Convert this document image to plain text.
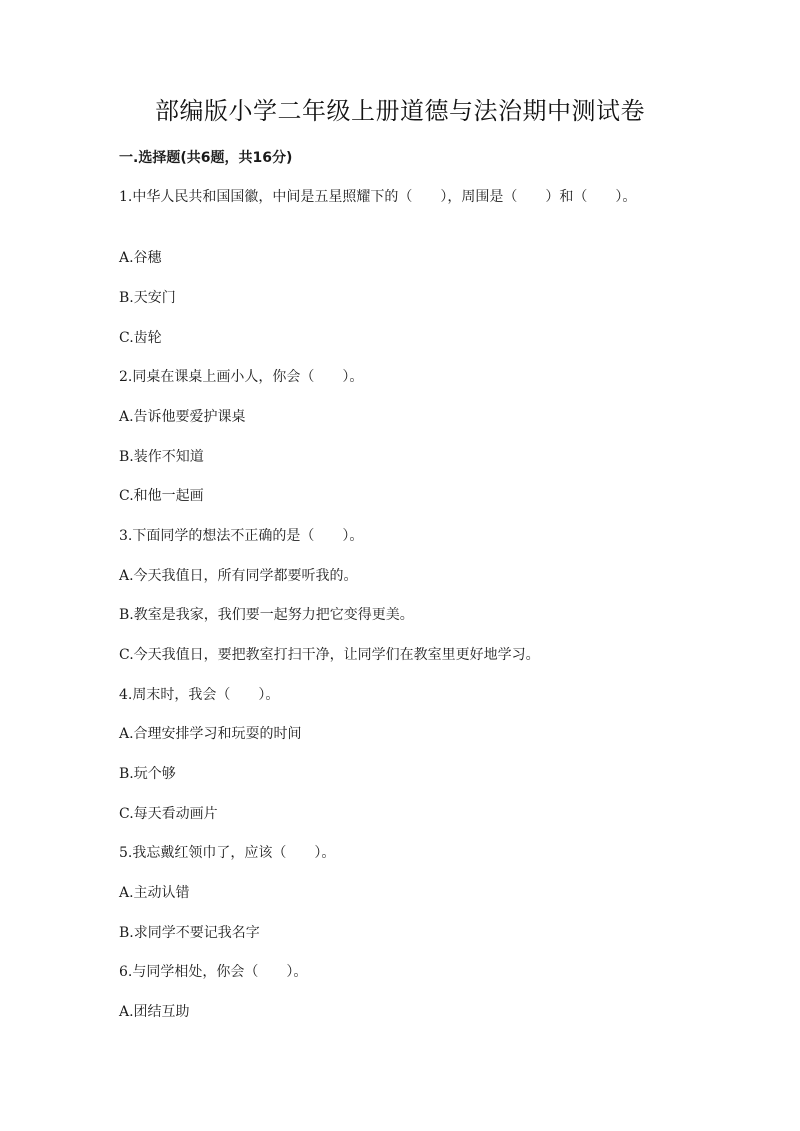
部编版小学二年级上册道德与法治期中测试卷
一.选择题(共6题，共16分)
1.中华人民共和国国徽，中间是五星照耀下的（　　），周围是（　　）和（　　）。
A.谷穗
B.天安门
C.齿轮
2.同桌在课桌上画小人，你会（　　）。
A.告诉他要爱护课桌
B.装作不知道
C.和他一起画
3.下面同学的想法不正确的是（　　）。
A.今天我值日，所有同学都要听我的。
B.教室是我家，我们要一起努力把它变得更美。
C.今天我值日，要把教室打扫干净，让同学们在教室里更好地学习。
4.周末时，我会（　　）。
A.合理安排学习和玩耍的时间
B.玩个够
C.每天看动画片
5.我忘戴红领巾了，应该（　　）。
A.主动认错
B.求同学不要记我名字
6.与同学相处，你会（　　）。
A.团结互助
